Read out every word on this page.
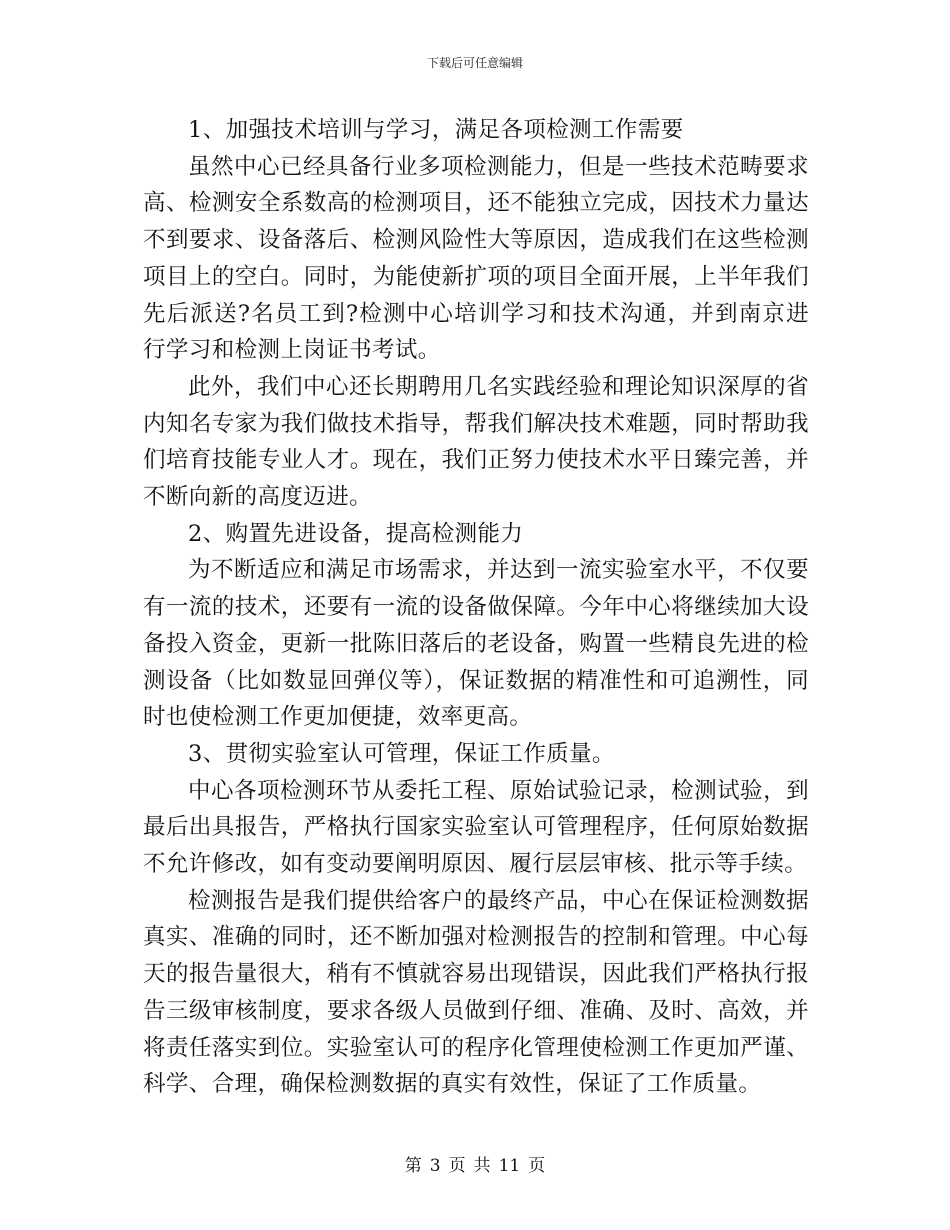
下载后可任意编辑

1、加强技术培训与学习，满足各项检测工作需要

虽然中心已经具备行业多项检测能力，但是一些技术范畴要求高、检测安全系数高的检测项目，还不能独立完成，因技术力量达不到要求、设备落后、检测风险性大等原因，造成我们在这些检测项目上的空白。同时，为能使新扩项的项目全面开展，上半年我们先后派送?名员工到?检测中心培训学习和技术沟通，并到南京进行学习和检测上岗证书考试。

此外，我们中心还长期聘用几名实践经验和理论知识深厚的省内知名专家为我们做技术指导，帮我们解决技术难题，同时帮助我们培育技能专业人才。现在，我们正努力使技术水平日臻完善，并不断向新的高度迈进。

2、购置先进设备，提高检测能力

为不断适应和满足市场需求，并达到一流实验室水平，不仅要有一流的技术，还要有一流的设备做保障。今年中心将继续加大设备投入资金，更新一批陈旧落后的老设备，购置一些精良先进的检测设备（比如数显回弹仪等），保证数据的精准性和可追溯性，同时也使检测工作更加便捷，效率更高。

3、贯彻实验室认可管理，保证工作质量。

中心各项检测环节从委托工程、原始试验记录，检测试验，到最后出具报告，严格执行国家实验室认可管理程序，任何原始数据不允许修改，如有变动要阐明原因、履行层层审核、批示等手续。

检测报告是我们提供给客户的最终产品，中心在保证检测数据真实、准确的同时，还不断加强对检测报告的控制和管理。中心每天的报告量很大，稍有不慎就容易出现错误，因此我们严格执行报告三级审核制度，要求各级人员做到仔细、准确、及时、高效，并将责任落实到位。实验室认可的程序化管理使检测工作更加严谨、科学、合理，确保检测数据的真实有效性，保证了工作质量。

第 3 页 共 11 页
